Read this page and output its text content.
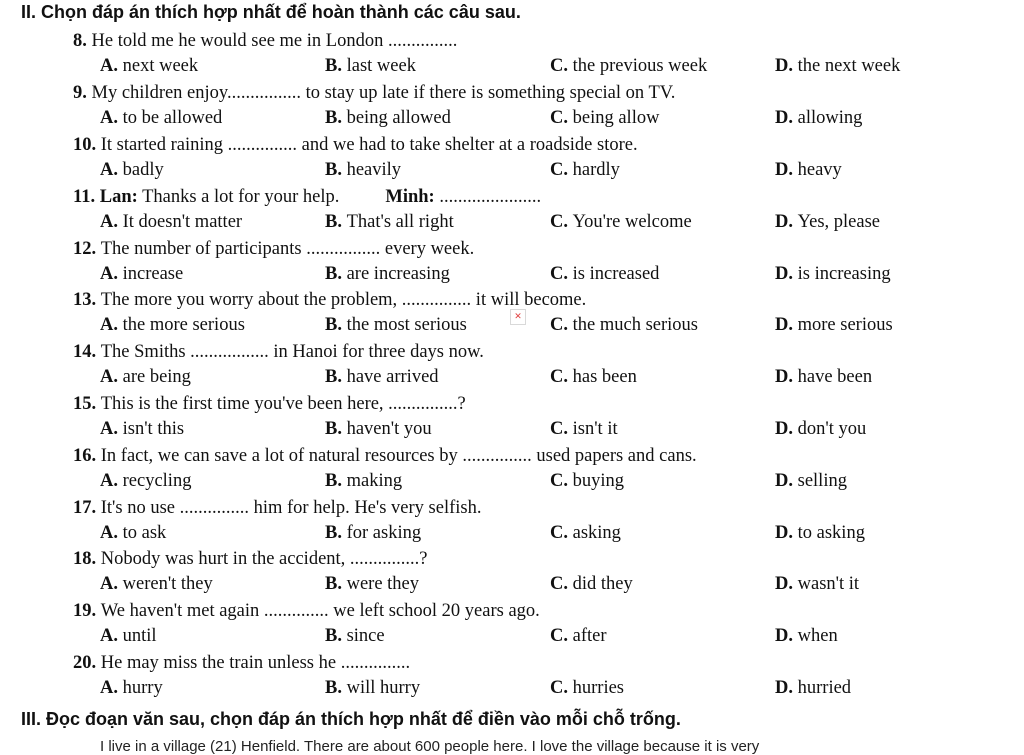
II. Chọn đáp án thích hợp nhất để hoàn thành các câu sau.
8. He told me he would see me in London ...............
A. next week	B. last week	C. the previous week	D. the next week
9. My children enjoy................ to stay up late if there is something special on TV.
A. to be allowed	B. being allowed	C. being allow	D. allowing
10. It started raining ............... and we had to take shelter at a roadside store.
A. badly	B. heavily	C. hardly	D. heavy
11. Lan: Thanks a lot for your help. Minh: ......................
A. It doesn't matter	B. That's all right	C. You're welcome	D. Yes, please
12. The number of participants ................ every week.
A. increase	B. are increasing	C. is increased	D. is increasing
13. The more you worry about the problem, ............... it will become.
A. the more serious	B. the most serious	C. the much serious	D. more serious
14. The Smiths ................. in Hanoi for three days now.
A. are being	B. have arrived	C. has been	D. have been
15. This is the first time you've been here, ...............?
A. isn't this	B. haven't you	C. isn't it	D. don't you
16. In fact, we can save a lot of natural resources by ............... used papers and cans.
A. recycling	B. making	C. buying	D. selling
17. It's no use ............... him for help. He's very selfish.
A. to ask	B. for asking	C. asking	D. to asking
18. Nobody was hurt in the accident, ...............?
A. weren't they	B. were they	C. did they	D. wasn't it
19. We haven't met again .............. we left school 20 years ago.
A. until	B. since	C. after	D. when
20. He may miss the train unless he ...............
A. hurry	B. will hurry	C. hurries	D. hurried
✕
III. Đọc đoạn văn sau, chọn đáp án thích hợp nhất để điền vào mỗi chỗ trống.
I live in a village (21) Henfield. There are about 600 people here. I love the village because it is very
